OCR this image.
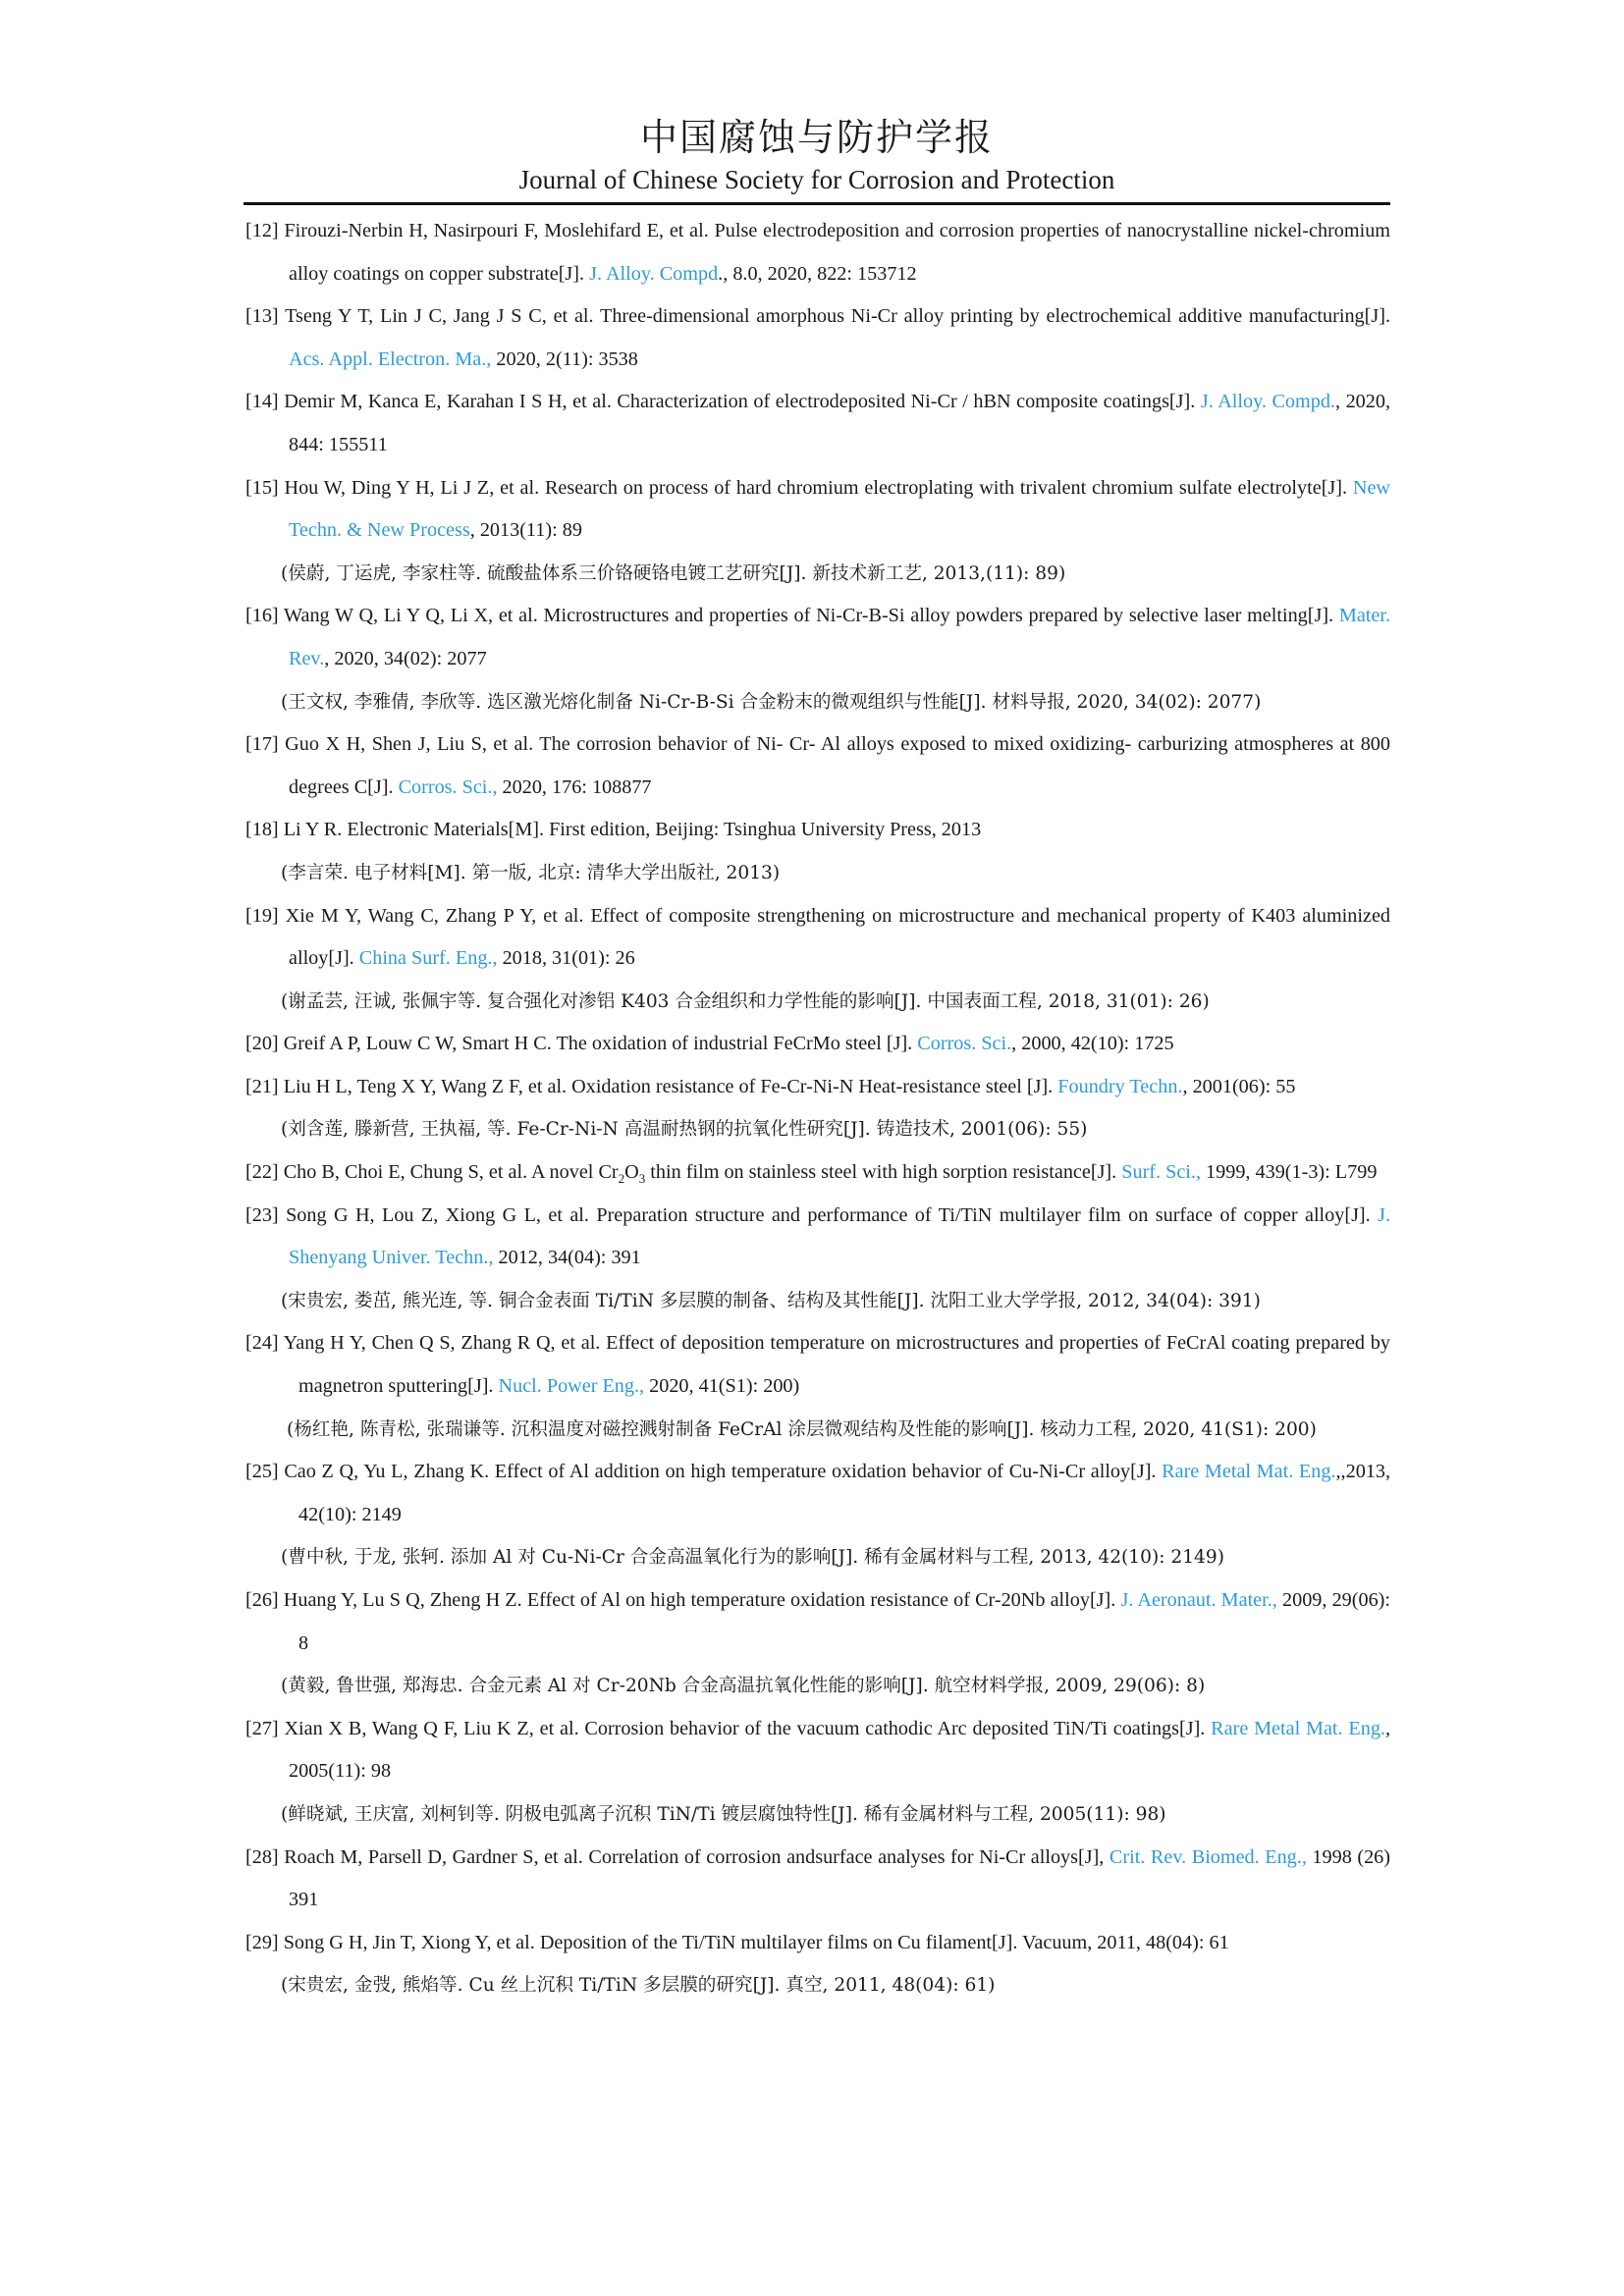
中国腐蚀与防护学报
Journal of Chinese Society for Corrosion and Protection
[12] Firouzi-Nerbin H, Nasirpouri F, Moslehifard E, et al. Pulse electrodeposition and corrosion properties of nanocrystalline nickel-chromium alloy coatings on copper substrate[J]. J. Alloy. Compd., 8.0, 2020, 822: 153712
[13] Tseng Y T, Lin J C, Jang J S C, et al. Three-dimensional amorphous Ni-Cr alloy printing by electrochemical additive manufacturing[J]. Acs. Appl. Electron. Ma., 2020, 2(11): 3538
[14] Demir M, Kanca E, Karahan I S H, et al. Characterization of electrodeposited Ni-Cr / hBN composite coatings[J]. J. Alloy. Compd., 2020, 844: 155511
[15] Hou W, Ding Y H, Li J Z, et al. Research on process of hard chromium electroplating with trivalent chromium sulfate electrolyte[J]. New Techn. & New Process, 2013(11): 89
(侯蔚, 丁运虎, 李家柱等. 硫酸盐体系三价铬硬铬电镀工艺研究[J]. 新技术新工艺, 2013,(11): 89)
[16] Wang W Q, Li Y Q, Li X, et al. Microstructures and properties of Ni-Cr-B-Si alloy powders prepared by selective laser melting[J]. Mater. Rev., 2020, 34(02): 2077
(王文权, 李雅倩, 李欣等. 选区激光熔化制备 Ni-Cr-B-Si 合金粉末的微观组织与性能[J]. 材料导报, 2020, 34(02): 2077)
[17] Guo X H, Shen J, Liu S, et al. The corrosion behavior of Ni- Cr- Al alloys exposed to mixed oxidizing- carburizing atmospheres at 800 degrees C[J]. Corros. Sci., 2020, 176: 108877
[18] Li Y R. Electronic Materials[M]. First edition, Beijing: Tsinghua University Press, 2013
(李言荣. 电子材料[M]. 第一版, 北京: 清华大学出版社, 2013)
[19] Xie M Y, Wang C, Zhang P Y, et al. Effect of composite strengthening on microstructure and mechanical property of K403 aluminized alloy[J]. China Surf. Eng., 2018, 31(01): 26
(谢孟芸, 汪诚, 张佩宇等. 复合强化对渗铝 K403 合金组织和力学性能的影响[J]. 中国表面工程, 2018, 31(01): 26)
[20] Greif A P, Louw C W, Smart H C. The oxidation of industrial FeCrMo steel [J]. Corros. Sci., 2000, 42(10): 1725
[21] Liu H L, Teng X Y, Wang Z F, et al. Oxidation resistance of Fe-Cr-Ni-N Heat-resistance steel [J]. Foundry Techn., 2001(06): 55
(刘含莲, 滕新营, 王执福, 等. Fe-Cr-Ni-N 高温耐热钢的抗氧化性研究[J]. 铸造技术, 2001(06): 55)
[22] Cho B, Choi E, Chung S, et al. A novel $Cr_2O_3$ thin film on stainless steel with high sorption resistance[J]. Surf. Sci., 1999, 439(1-3): L799
[23] Song G H, Lou Z, Xiong G L, et al. Preparation structure and performance of Ti/TiN multilayer film on surface of copper alloy[J]. J. Shenyang Univer. Techn., 2012, 34(04): 391
(宋贵宏, 娄茁, 熊光连, 等. 铜合金表面 Ti/TiN 多层膜的制备、结构及其性能[J]. 沈阳工业大学学报, 2012, 34(04): 391)
[24] Yang H Y, Chen Q S, Zhang R Q, et al. Effect of deposition temperature on microstructures and properties of FeCrAl coating prepared by magnetron sputtering[J]. Nucl. Power Eng., 2020, 41(S1): 200)
(杨红艳, 陈青松, 张瑞谦等. 沉积温度对磁控溅射制备 FeCrAl 涂层微观结构及性能的影响[J]. 核动力工程, 2020, 41(S1): 200)
[25] Cao Z Q, Yu L, Zhang K. Effect of Al addition on high temperature oxidation behavior of Cu-Ni-Cr alloy[J]. Rare Metal Mat. Eng.,,2013, 42(10): 2149
(曹中秋, 于龙, 张轲. 添加 Al 对 Cu-Ni-Cr 合金高温氧化行为的影响[J]. 稀有金属材料与工程, 2013, 42(10): 2149)
[26] Huang Y, Lu S Q, Zheng H Z. Effect of Al on high temperature oxidation resistance of Cr-20Nb alloy[J]. J. Aeronaut. Mater., 2009, 29(06): 8
(黄毅, 鲁世强, 郑海忠. 合金元素 Al 对 Cr-20Nb 合金高温抗氧化性能的影响[J]. 航空材料学报, 2009, 29(06): 8)
[27] Xian X B, Wang Q F, Liu K Z, et al. Corrosion behavior of the vacuum cathodic Arc deposited TiN/Ti coatings[J]. Rare Metal Mat. Eng., 2005(11): 98
(鲜晓斌, 王庆富, 刘柯钊等. 阴极电弧离子沉积 TiN/Ti 镀层腐蚀特性[J]. 稀有金属材料与工程, 2005(11): 98)
[28] Roach M, Parsell D, Gardner S, et al. Correlation of corrosion andsurface analyses for Ni-Cr alloys[J], Crit. Rev. Biomed. Eng., 1998 (26) 391
[29] Song G H, Jin T, Xiong Y, et al. Deposition of the Ti/TiN multilayer films on Cu filament[J]. Vacuum, 2011, 48(04): 61
(宋贵宏, 金弢, 熊焰等. Cu 丝上沉积 Ti/TiN 多层膜的研究[J]. 真空, 2011, 48(04): 61)
